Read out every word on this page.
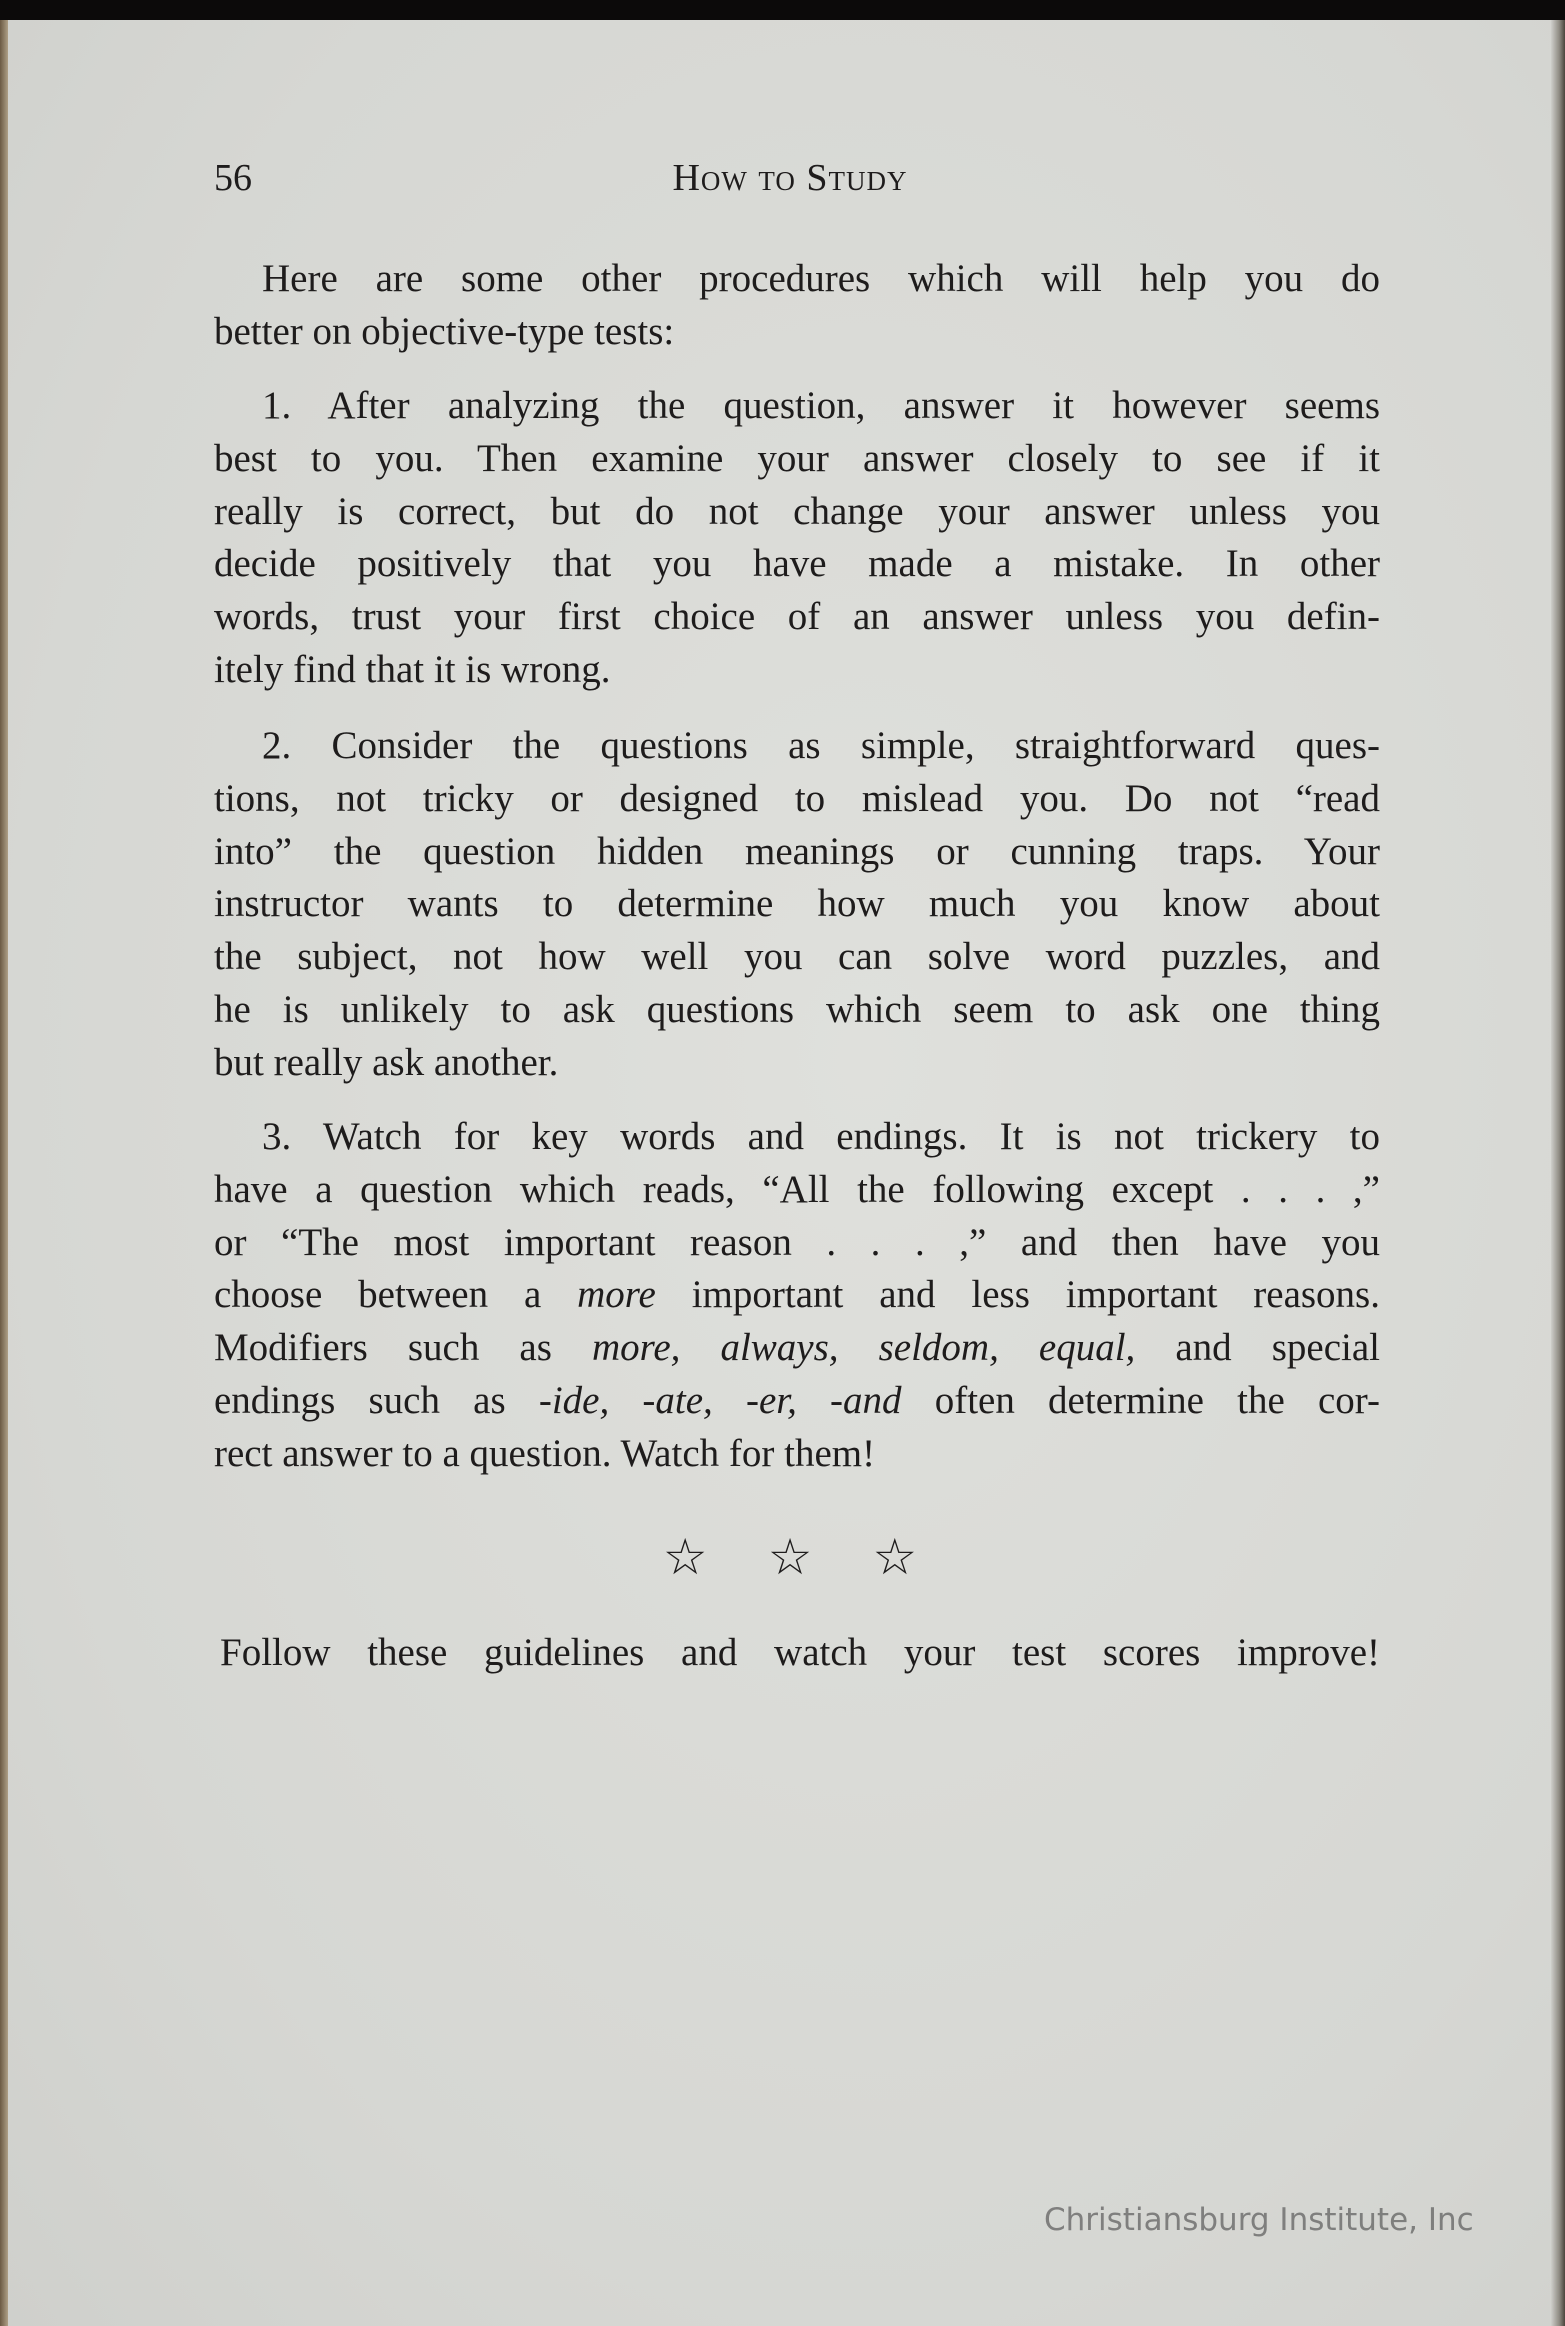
56	How to Study
Here are some other procedures which will help you do
better on objective-type tests:
1. After analyzing the question, answer it however seems
best to you. Then examine your answer closely to see if it
really is correct, but do not change your answer unless you
decide positively that you have made a mistake. In other
words, trust your first choice of an answer unless you defin-
itely find that it is wrong.
2. Consider the questions as simple, straightforward ques-
tions, not tricky or designed to mislead you. Do not “read
into” the question hidden meanings or cunning traps. Your
instructor wants to determine how much you know about
the subject, not how well you can solve word puzzles, and
he is unlikely to ask questions which seem to ask one thing
but really ask another.
3. Watch for key words and endings. It is not trickery to
have a question which reads, “All the following except . . . ,”
or “The most important reason . . . ,” and then have you
choose between a more important and less important reasons.
Modifiers such as more, always, seldom, equal, and special
endings such as -ide, -ate, -er, -and often determine the cor-
rect answer to a question. Watch for them!
☆ ☆ ☆
Follow these guidelines and watch your test scores improve!
Christiansburg Institute, Inc
